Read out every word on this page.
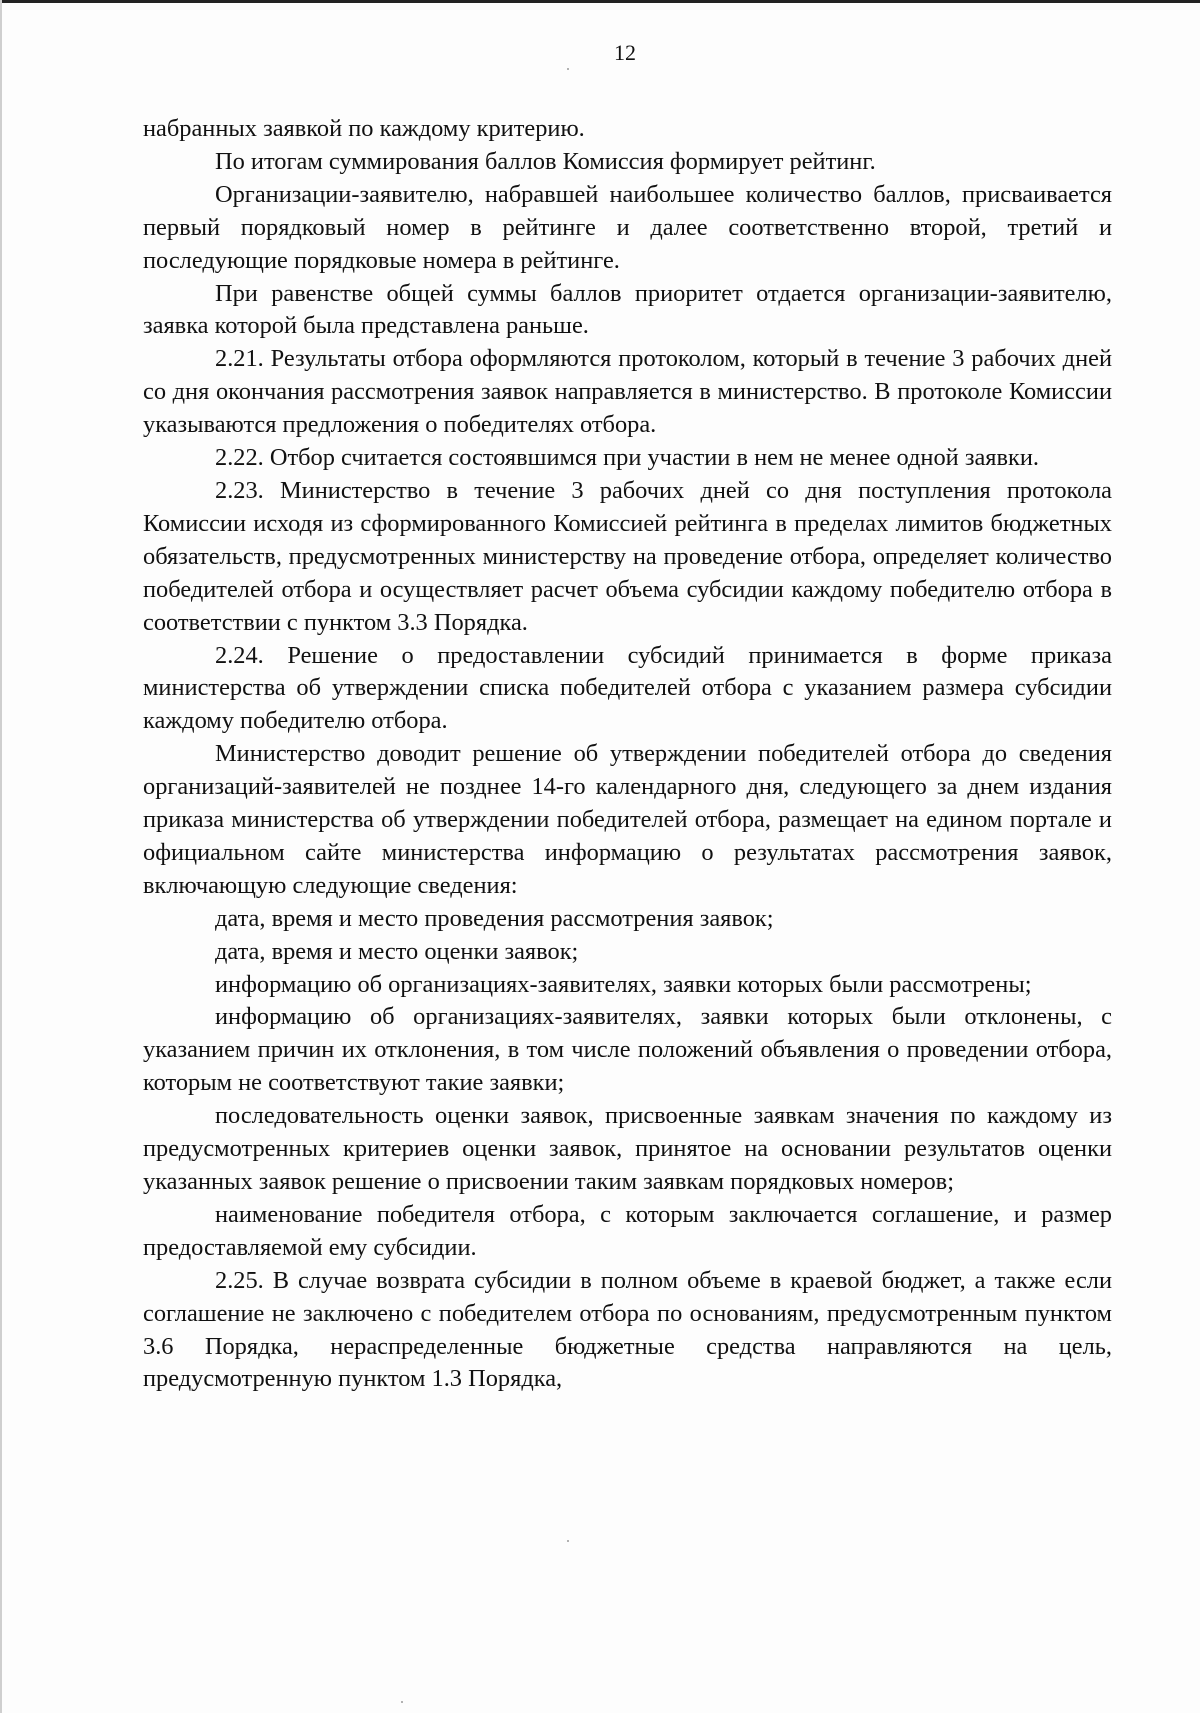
12

набранных заявкой по каждому критерию.

По итогам суммирования баллов Комиссия формирует рейтинг.

Организации-заявителю, набравшей наибольшее количество баллов, присваивается первый порядковый номер в рейтинге и далее соответственно второй, третий и последующие порядковые номера в рейтинге.

При равенстве общей суммы баллов приоритет отдается организации-заявителю, заявка которой была представлена раньше.

2.21. Результаты отбора оформляются протоколом, который в течение 3 рабочих дней со дня окончания рассмотрения заявок направляется в министерство. В протоколе Комиссии указываются предложения о победителях отбора.

2.22. Отбор считается состоявшимся при участии в нем не менее одной заявки.

2.23. Министерство в течение 3 рабочих дней со дня поступления протокола Комиссии исходя из сформированного Комиссией рейтинга в пределах лимитов бюджетных обязательств, предусмотренных министерству на проведение отбора, определяет количество победителей отбора и осуществляет расчет объема субсидии каждому победителю отбора в соответствии с пунктом 3.3 Порядка.

2.24. Решение о предоставлении субсидий принимается в форме приказа министерства об утверждении списка победителей отбора с указанием размера субсидии каждому победителю отбора.

Министерство доводит решение об утверждении победителей отбора до сведения организаций-заявителей не позднее 14-го календарного дня, следующего за днем издания приказа министерства об утверждении победителей отбора, размещает на едином портале и официальном сайте министерства информацию о результатах рассмотрения заявок, включающую следующие сведения:

дата, время и место проведения рассмотрения заявок;

дата, время и место оценки заявок;

информацию об организациях-заявителях, заявки которых были рассмотрены;

информацию об организациях-заявителях, заявки которых были отклонены, с указанием причин их отклонения, в том числе положений объявления о проведении отбора, которым не соответствуют такие заявки;

последовательность оценки заявок, присвоенные заявкам значения по каждому из предусмотренных критериев оценки заявок, принятое на основании результатов оценки указанных заявок решение о присвоении таким заявкам порядковых номеров;

наименование победителя отбора, с которым заключается соглашение, и размер предоставляемой ему субсидии.

2.25. В случае возврата субсидии в полном объеме в краевой бюджет, а также если соглашение не заключено с победителем отбора по основаниям, предусмотренным пунктом 3.6 Порядка, нераспределенные бюджетные средства направляются на цель, предусмотренную пунктом 1.3 Порядка,
